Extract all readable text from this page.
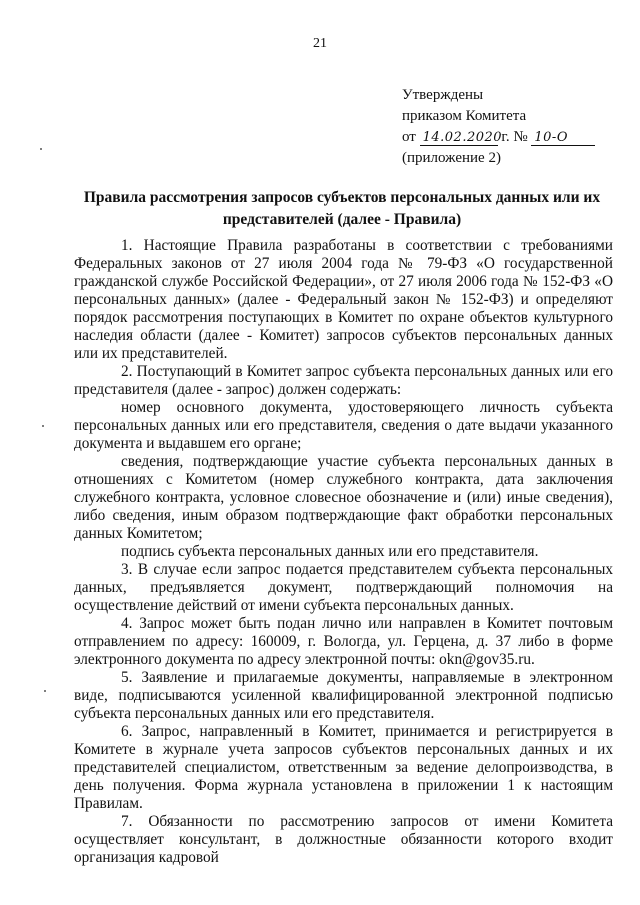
21
Утверждены
приказом Комитета
от 14.02.2020 г. № 10-О
(приложение 2)
Правила рассмотрения запросов субъектов персональных данных или их представителей (далее - Правила)

1. Настоящие Правила разработаны в соответствии с требованиями Федеральных законов от 27 июля 2004 года № 79-ФЗ «О государственной гражданской службе Российской Федерации», от 27 июля 2006 года № 152-ФЗ «О персональных данных» (далее - Федеральный закон № 152-ФЗ) и определяют порядок рассмотрения поступающих в Комитет по охране объектов культурного наследия области (далее - Комитет) запросов субъектов персональных данных или их представителей.

2. Поступающий в Комитет запрос субъекта персональных данных или его представителя (далее - запрос) должен содержать:

номер основного документа, удостоверяющего личность субъекта персональных данных или его представителя, сведения о дате выдачи указанного документа и выдавшем его органе;

сведения, подтверждающие участие субъекта персональных данных в отношениях с Комитетом (номер служебного контракта, дата заключения служебного контракта, условное словесное обозначение и (или) иные сведения), либо сведения, иным образом подтверждающие факт обработки персональных данных Комитетом;

подпись субъекта персональных данных или его представителя.

3. В случае если запрос подается представителем субъекта персональных данных, предъявляется документ, подтверждающий полномочия на осуществление действий от имени субъекта персональных данных.

4. Запрос может быть подан лично или направлен в Комитет почтовым отправлением по адресу: 160009, г. Вологда, ул. Герцена, д. 37 либо в форме электронного документа по адресу электронной почты: okn@gov35.ru.

5. Заявление и прилагаемые документы, направляемые в электронном виде, подписываются усиленной квалифицированной электронной подписью субъекта персональных данных или его представителя.

6. Запрос, направленный в Комитет, принимается и регистрируется в Комитете в журнале учета запросов субъектов персональных данных и их представителей специалистом, ответственным за ведение делопроизводства, в день получения. Форма журнала установлена в приложении 1 к настоящим Правилам.

7. Обязанности по рассмотрению запросов от имени Комитета осуществляет консультант, в должностные обязанности которого входит организация кадровой
